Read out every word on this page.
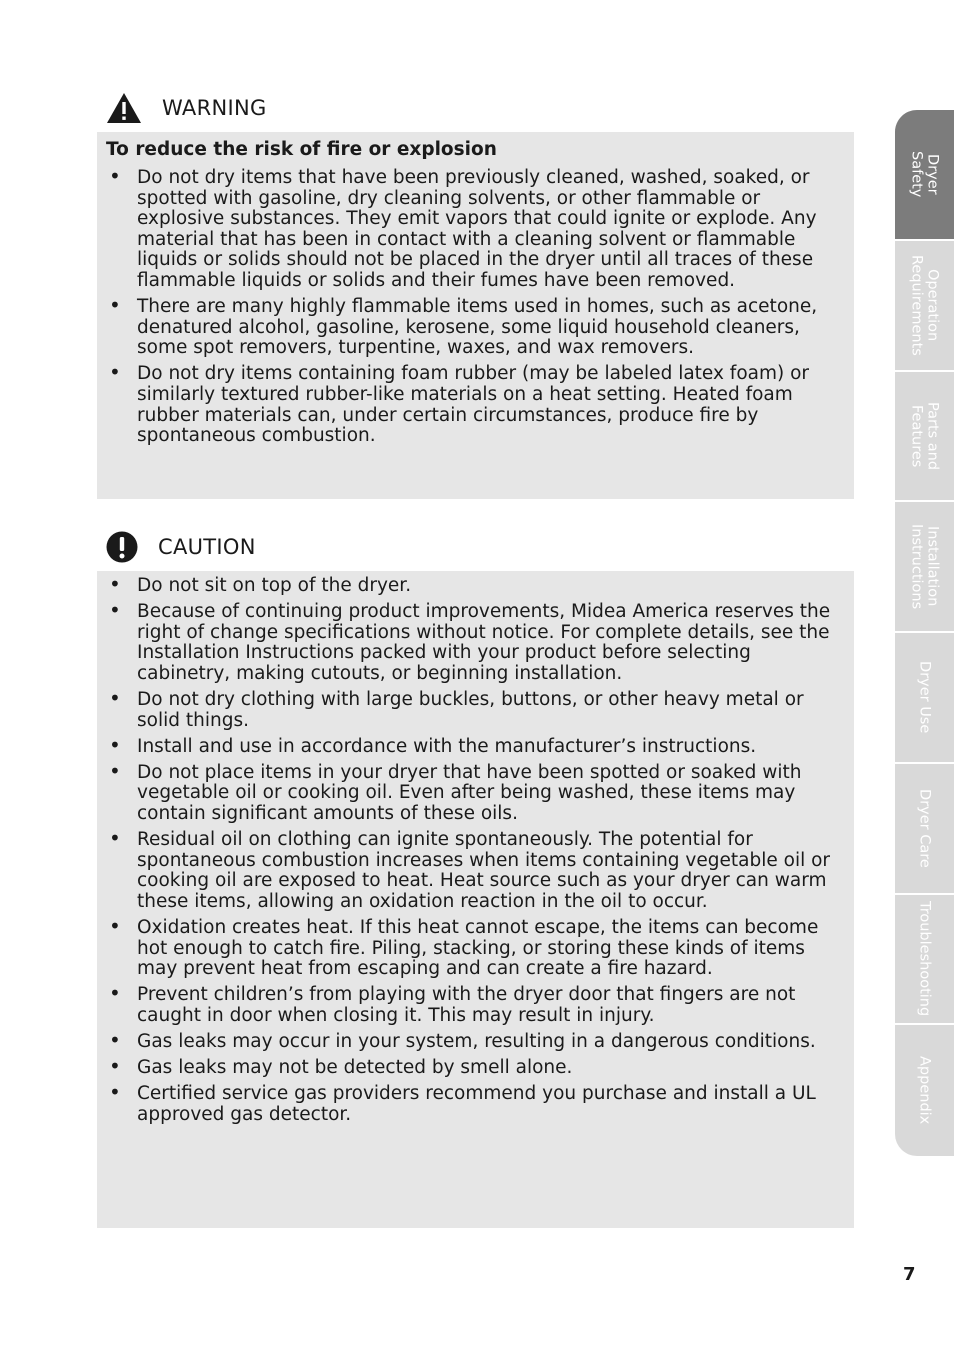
WARNING
To reduce the risk of fire or explosion
• Do not dry items that have been previously cleaned, washed, soaked, or spotted with gasoline, dry cleaning solvents, or other flammable or explosive substances. They emit vapors that could ignite or explode. Any material that has been in contact with a cleaning solvent or flammable liquids or solids should not be placed in the dryer until all traces of these flammable liquids or solids and their fumes have been removed.
• There are many highly flammable items used in homes, such as acetone, denatured alcohol, gasoline, kerosene, some liquid household cleaners, some spot removers, turpentine, waxes, and wax removers.
• Do not dry items containing foam rubber (may be labeled latex foam) or similarly textured rubber-like materials on a heat setting. Heated foam rubber materials can, under certain circumstances, produce fire by spontaneous combustion.
CAUTION
• Do not sit on top of the dryer.
• Because of continuing product improvements, Midea America reserves the right of change specifications without notice. For complete details, see the Installation Instructions packed with your product before selecting cabinetry, making cutouts, or beginning installation.
• Do not dry clothing with large buckles, buttons, or other heavy metal or solid things.
• Install and use in accordance with the manufacturer’s instructions.
• Do not place items in your dryer that have been spotted or soaked with vegetable oil or cooking oil. Even after being washed, these items may contain significant amounts of these oils.
• Residual oil on clothing can ignite spontaneously. The potential for spontaneous combustion increases when items containing vegetable oil or cooking oil are exposed to heat. Heat source such as your dryer can warm these items, allowing an oxidation reaction in the oil to occur.
• Oxidation creates heat. If this heat cannot escape, the items can become hot enough to catch fire. Piling, stacking, or storing these kinds of items may prevent heat from escaping and can create a fire hazard.
• Prevent children’s from playing with the dryer door that fingers are not caught in door when closing it. This may result in injury.
• Gas leaks may occur in your system, resulting in a dangerous conditions.
• Gas leaks may not be detected by smell alone.
• Certified service gas providers recommend you purchase and install a UL approved gas detector.
Dryer
Safety
Operation
Requirements
Parts and
Features
Installation
Instructions
Dryer Use
Dryer Care
Troubleshooting
Appendix
7
